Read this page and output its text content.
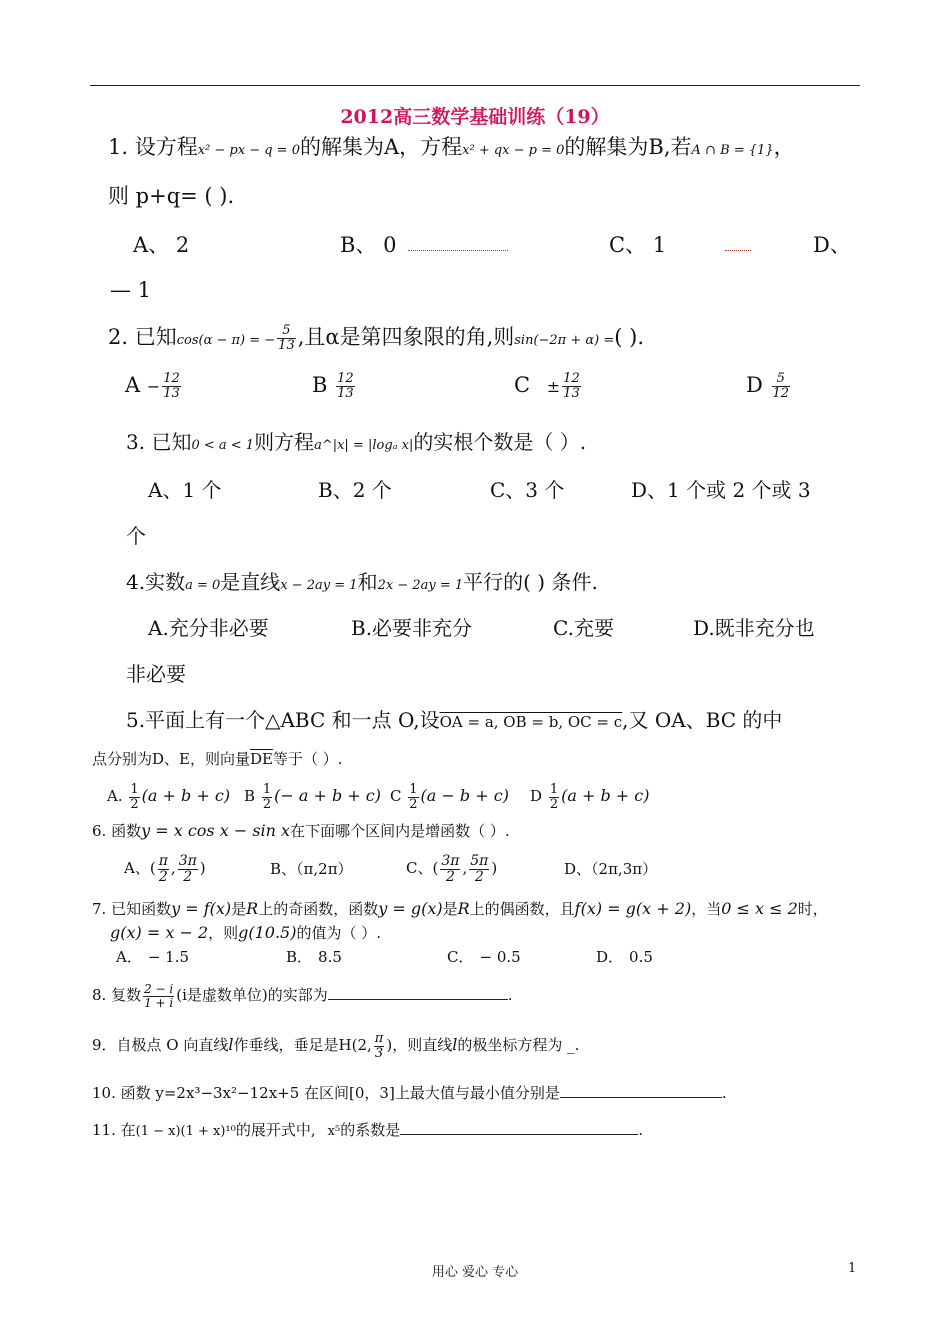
2012高三数学基础训练（19）
1. 设方程x² − px − q = 0的解集为A，方程x² + qx − p = 0的解集为B,若A ∩ B = {1}，
则 p+q= ( ).
A、 2	B、 0	C、 1	D、
— 1
2. 已知cos(α − π) = − $\frac{5}{13}$ ,且α是第四象限的角,则sin(−2π + α) =( ).
$A - \frac{12}{13}$	B $\frac{12}{13}$	$C \pm \frac{12}{13}$	D $\frac{5}{12}$
3. 已知0 < a < 1则方程a^|x| = |logₐ x|的实根个数是（ ）.
A、1 个	B、2 个	C、3 个	D、1 个或 2 个或 3
个
4.实数a = 0是直线x − 2ay = 1和2x − 2ay = 1平行的( ) 条件.
A.充分非必要	B.必要非充分	C.充要	D.既非充分也
非必要
5.平面上有一个△ABC 和一点 O,设OA = a, OB = b, OC = c,又 OA、BC 的中
点分别为D、E，则向量$\overline{DE}$等于（ ）.
A. $\frac{1}{2} (a + b + c)$ B $\frac{1}{2}$ (− a + b + c) C $\frac{1}{2} (a - b + c)$ D $\frac{1}{2} (a + b + c)$
6. 函数y = x cos x − sin x在下面哪个区间内是增函数（ ）.
A、( $\frac{\pi}{2}$ , $\frac{3\pi}{2}$ )	B、（π,2π）	C、( $\frac{3\pi}{2}$ , $\frac{5\pi}{2}$ )	D、（2π,3π）
7. 已知函数y = f(x)是R上的奇函数，函数y = g(x)是R上的偶函数，且f(x) = g(x + 2)，当0 ≤ x ≤ 2时，
g(x) = x − 2，则g(10.5)的值为（ ）.
A． − 1.5	B． 8.5	C． − 0.5	D． 0.5
8. 复数 $\frac{2 - i}{1 + i} (i$是虚数单位)的实部为	.
9．自极点 O 向直线l作垂线，垂足是H(2, $\frac{\pi}{3}$ )，则直线l的极坐标方程为 _.
10. 函数 y=2x³−3x²−12x+5 在区间[0，3]上最大值与最小值分别是	.
11. 在(1 − x)(1 + x)¹⁰的展开式中, x⁵的系数是	.
用心 爱心 专心	1
